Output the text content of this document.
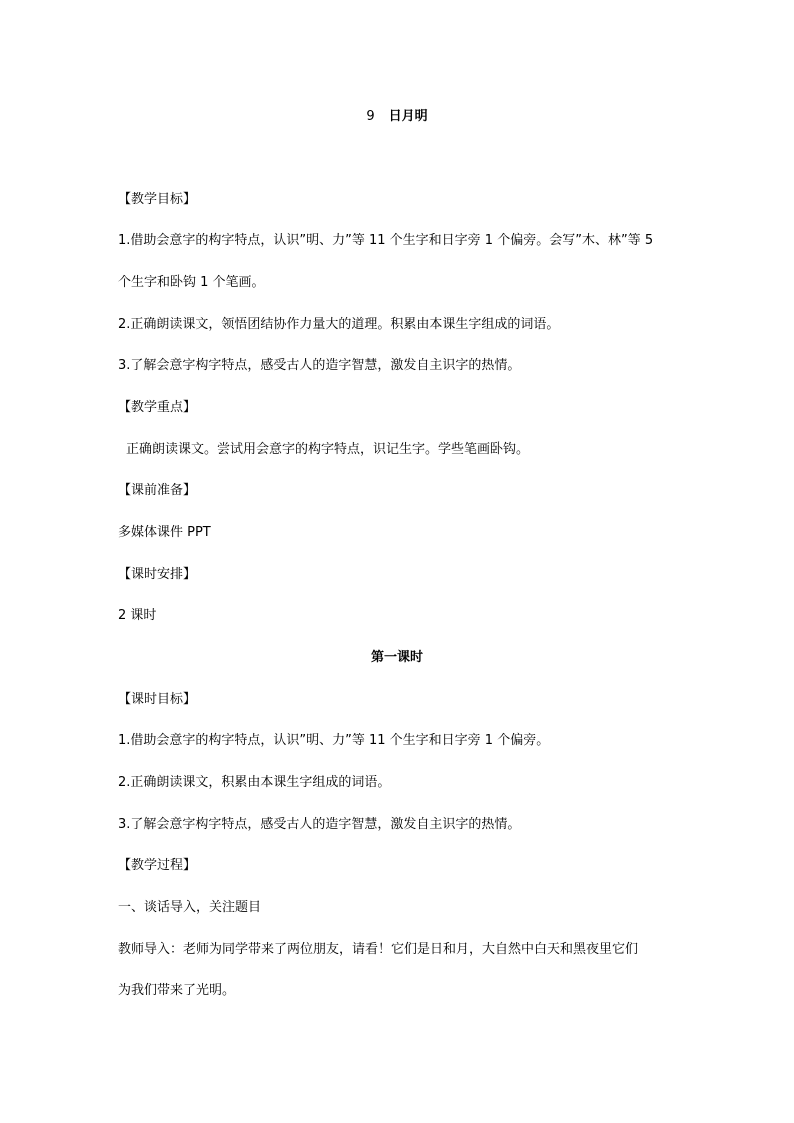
9 日月明
【教学目标】
1.借助会意字的构字特点，认识”明、力”等 11 个生字和日字旁 1 个偏旁。会写”木、林”等 5
个生字和卧钩 1 个笔画。
2.正确朗读课文，领悟团结协作力量大的道理。积累由本课生字组成的词语。
3.了解会意字构字特点，感受古人的造字智慧，激发自主识字的热情。
【教学重点】
正确朗读课文。尝试用会意字的构字特点，识记生字。学些笔画卧钩。
【课前准备】
多媒体课件 PPT
【课时安排】
2 课时
第一课时
【课时目标】
1.借助会意字的构字特点，认识”明、力”等 11 个生字和日字旁 1 个偏旁。
2.正确朗读课文，积累由本课生字组成的词语。
3.了解会意字构字特点，感受古人的造字智慧，激发自主识字的热情。
【教学过程】
一、谈话导入，关注题目
教师导入：老师为同学带来了两位朋友，请看！它们是日和月，大自然中白天和黑夜里它们
为我们带来了光明。
